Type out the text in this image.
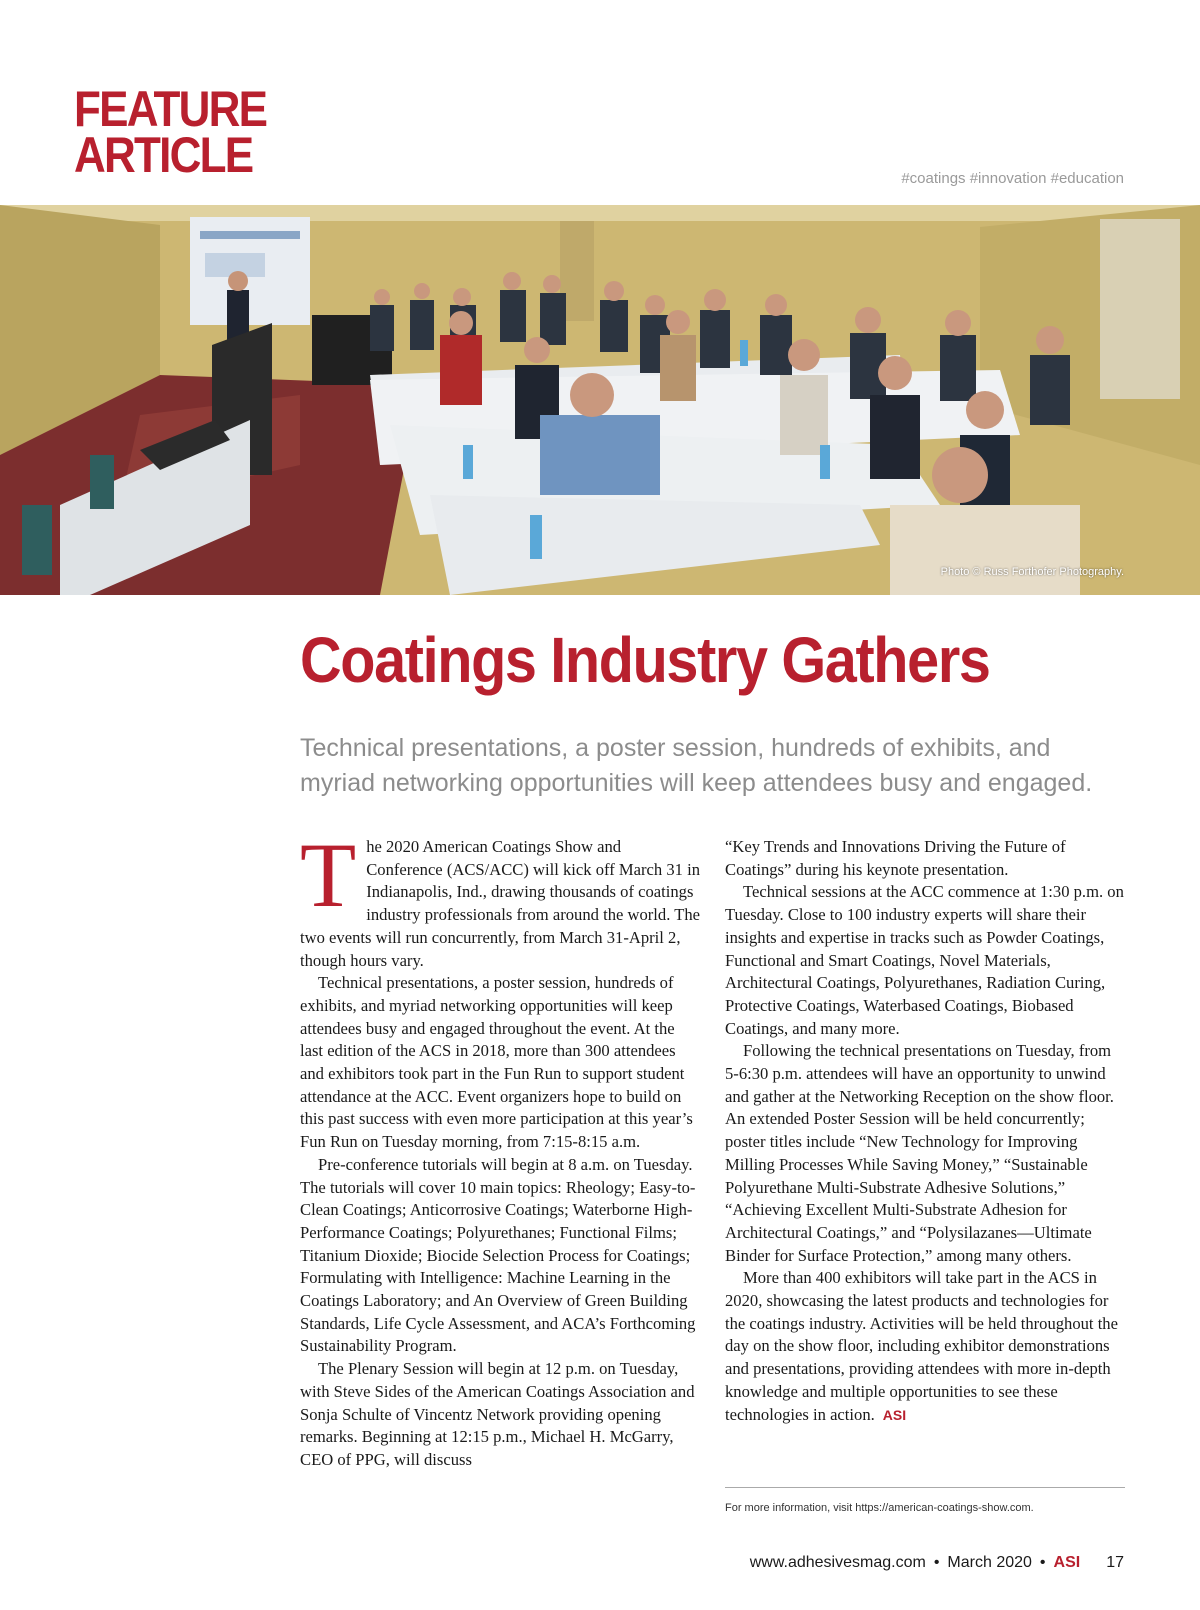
FEATURE
ARTICLE	#coatings #innovation #education
Photo © Russ Forthofer Photography.
Coatings Industry Gathers
Technical presentations, a poster session, hundreds of exhibits, and myriad networking opportunities will keep attendees busy and engaged.

T he 2020 American Coatings Show and Conference (ACS/ACC) will kick off March 31 in Indianapolis, Ind., drawing thousands of coatings industry professionals from around the world. The two events will run concurrently, from March 31-April 2, though hours vary.

Technical presentations, a poster session, hundreds of exhibits, and myriad networking opportunities will keep attendees busy and engaged throughout the event. At the last edition of the ACS in 2018, more than 300 attendees and exhibitors took part in the Fun Run to support student attendance at the ACC. Event organizers hope to build on this past success with even more participation at this year’s Fun Run on Tuesday morning, from 7:15-8:15 a.m.

Pre-conference tutorials will begin at 8 a.m. on Tuesday. The tutorials will cover 10 main topics: Rheology; Easy-to-Clean Coatings; Anticorrosive Coatings; Waterborne High-Performance Coatings; Polyurethanes; Functional Films; Titanium Dioxide; Biocide Selection Process for Coatings; Formulating with Intelligence: Machine Learning in the Coatings Laboratory; and An Overview of Green Building Standards, Life Cycle Assessment, and ACA’s Forthcoming Sustainability Program.

The Plenary Session will begin at 12 p.m. on Tuesday, with Steve Sides of the American Coatings Association and Sonja Schulte of Vincentz Network providing opening remarks. Beginning at 12:15 p.m., Michael H. McGarry, CEO of PPG, will discuss

“Key Trends and Innovations Driving the Future of Coatings” during his keynote presentation.

Technical sessions at the ACC commence at 1:30 p.m. on Tuesday. Close to 100 industry experts will share their insights and expertise in tracks such as Powder Coatings, Functional and Smart Coatings, Novel Materials, Architectural Coatings, Polyurethanes, Radiation Curing, Protective Coatings, Waterbased Coatings, Biobased Coatings, and many more.

Following the technical presentations on Tuesday, from 5-6:30 p.m. attendees will have an opportunity to unwind and gather at the Networking Reception on the show floor. An extended Poster Session will be held concurrently; poster titles include “New Technology for Improving Milling Processes While Saving Money,” “Sustainable Polyurethane Multi-Substrate Adhesive Solutions,” “Achieving Excellent Multi-Substrate Adhesion for Architectural Coatings,” and “Polysilazanes—Ultimate Binder for Surface Protection,” among many others.

More than 400 exhibitors will take part in the ACS in 2020, showcasing the latest products and technologies for the coatings industry. Activities will be held throughout the day on the show floor, including exhibitor demonstrations and presentations, providing attendees with more in-depth knowledge and multiple opportunities to see these technologies in action. ASI

For more information, visit https://american-coatings-show.com.
www.adhesivesmag.com • March 2020 • ASI 17
